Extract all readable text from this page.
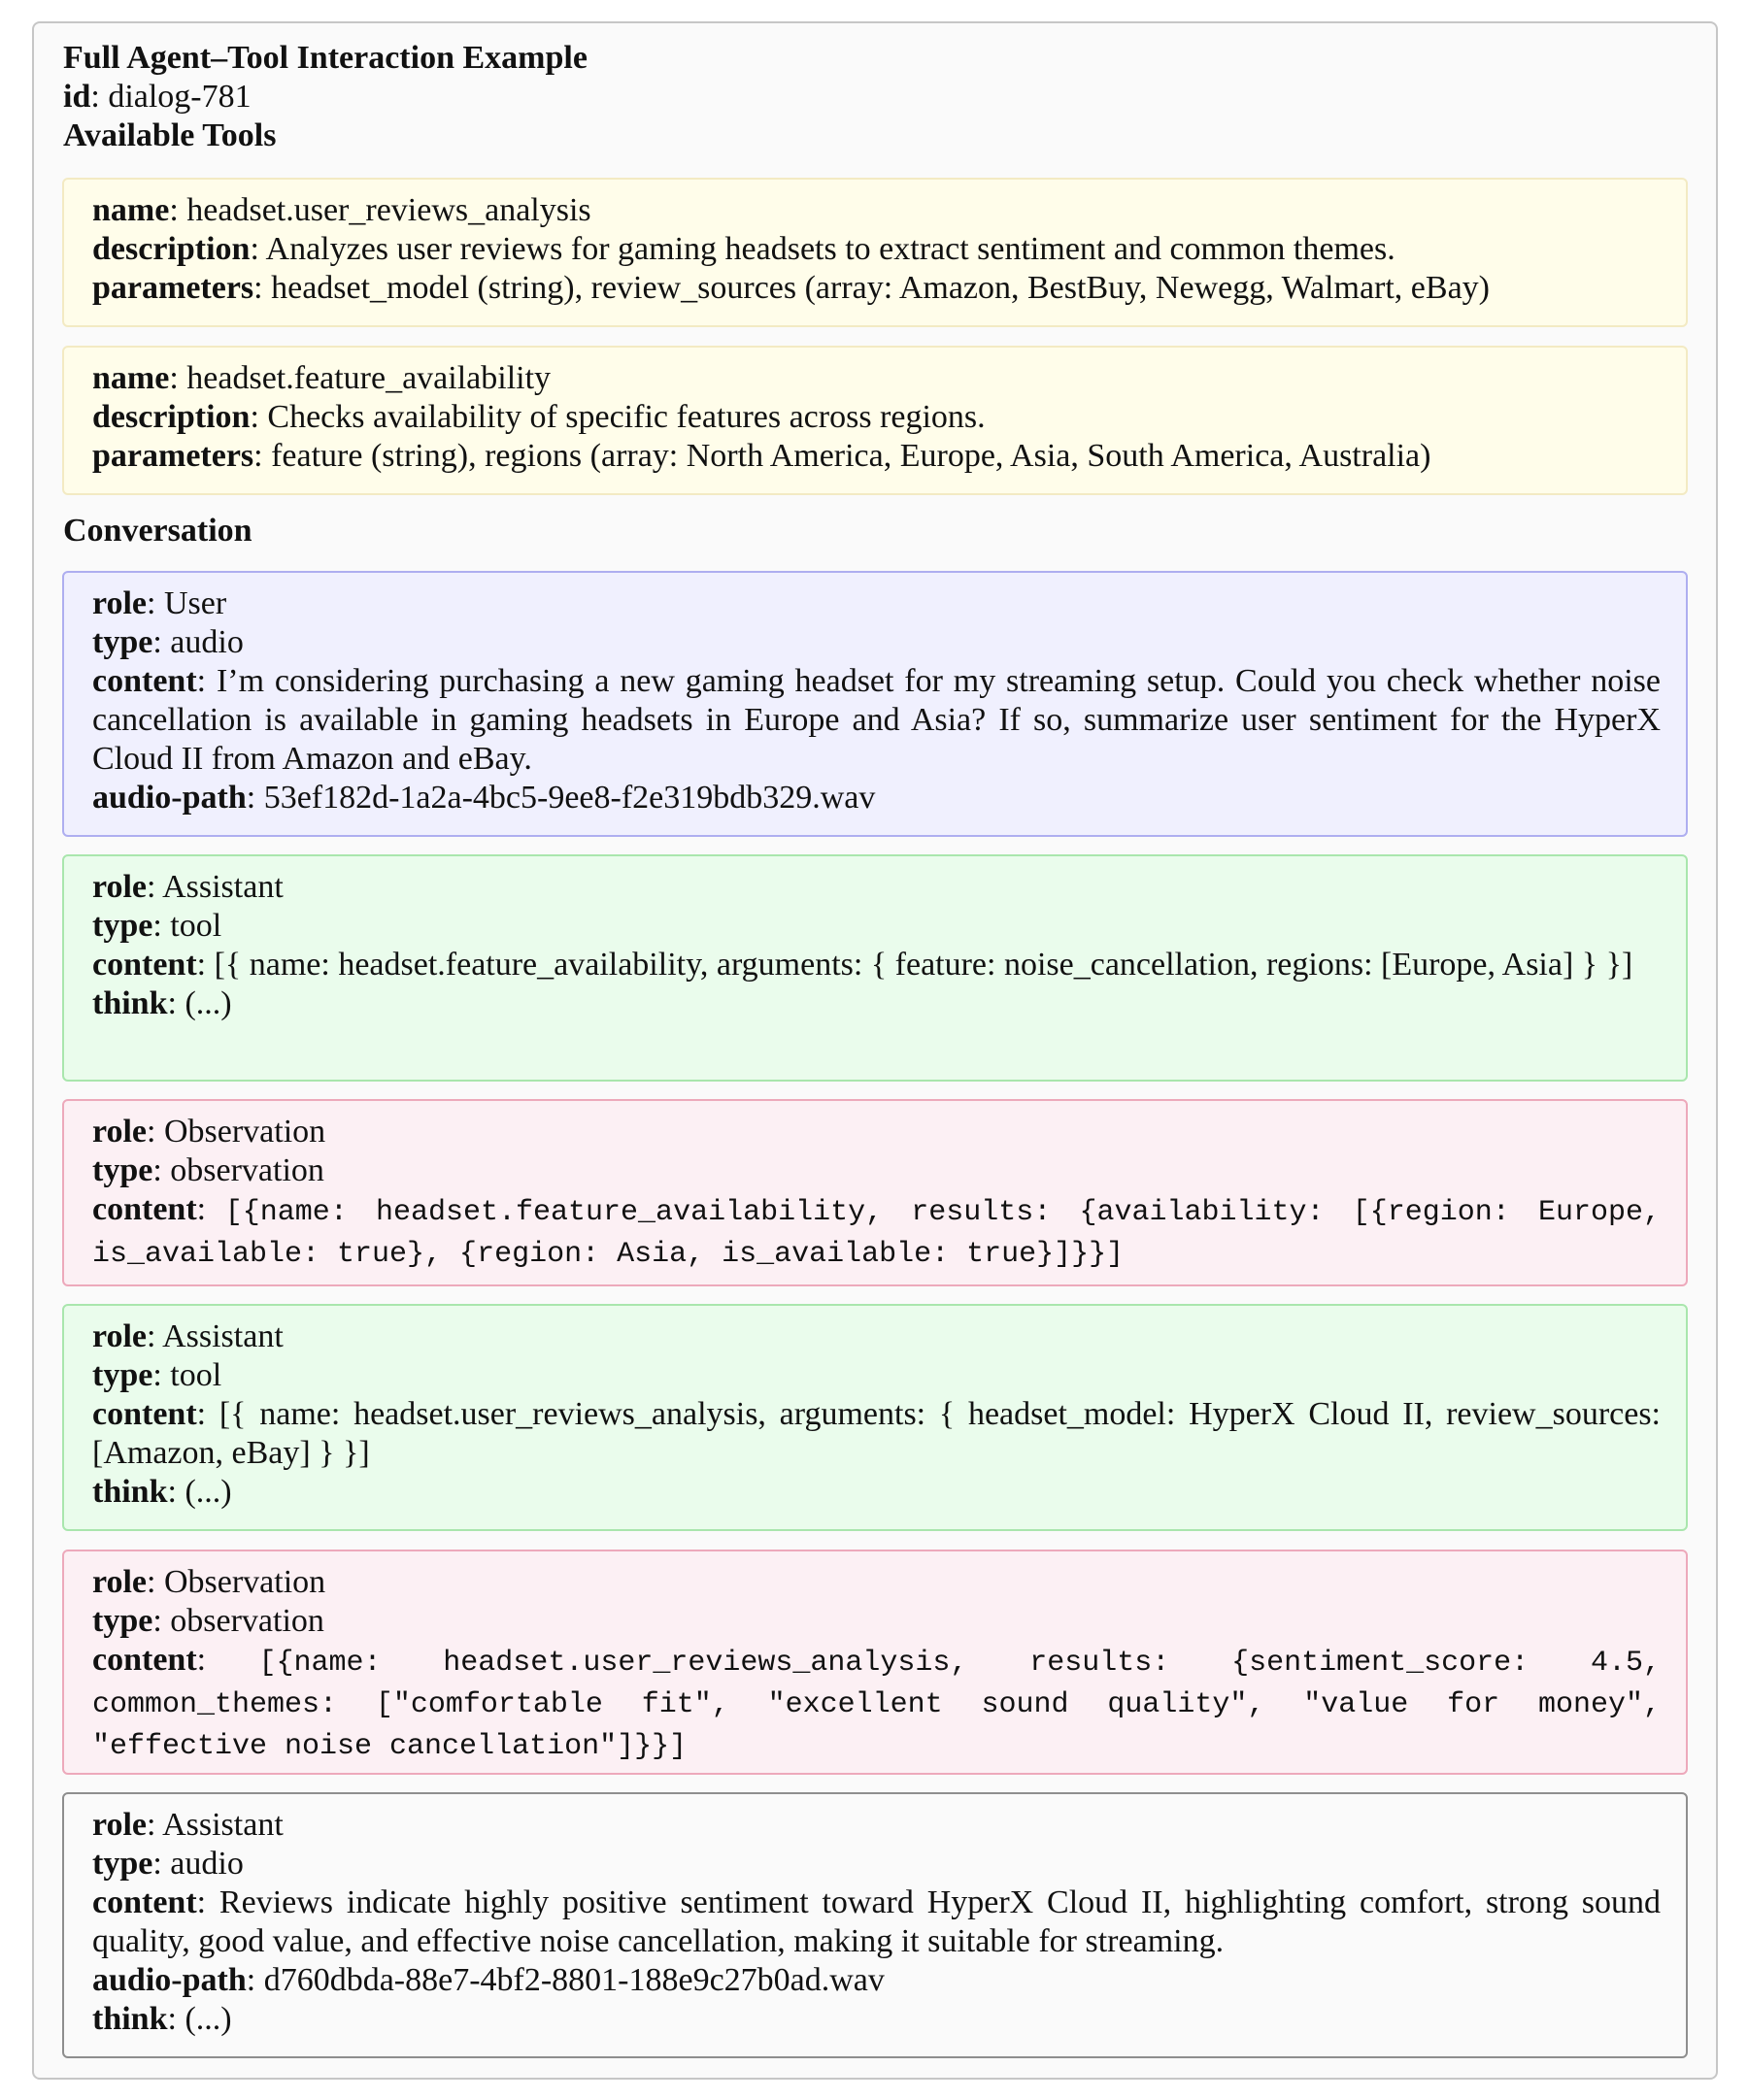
Full Agent–Tool Interaction Example
id: dialog-781
Available Tools
name: headset.user_reviews_analysis
description: Analyzes user reviews for gaming headsets to extract sentiment and common themes.
parameters: headset_model (string), review_sources (array: Amazon, BestBuy, Newegg, Walmart, eBay)
name: headset.feature_availability
description: Checks availability of specific features across regions.
parameters: feature (string), regions (array: North America, Europe, Asia, South America, Australia)
Conversation
role: User
type: audio
content: I’m considering purchasing a new gaming headset for my streaming setup. Could you check whether noise cancellation is available in gaming headsets in Europe and Asia? If so, summarize user sentiment for the HyperX Cloud II from Amazon and eBay.
audio-path: 53ef182d-1a2a-4bc5-9ee8-f2e319bdb329.wav
role: Assistant
type: tool
content: [{ name: headset.feature_availability, arguments: { feature: noise_cancellation, regions: [Europe, Asia] } }]
think: (...)
role: Observation
type: observation
content: [{name: headset.feature_availability, results: {availability: [{region: Europe, is_available: true}, {region: Asia, is_available: true}]}}]
role: Assistant
type: tool
content: [{ name: headset.user_reviews_analysis, arguments: { headset_model: HyperX Cloud II, review_sources: [Amazon, eBay] } }]
think: (...)
role: Observation
type: observation
content: [{name: headset.user_reviews_analysis, results: {sentiment_score: 4.5, common_themes: ["comfortable fit", "excellent sound quality", "value for money", "effective noise cancellation"]}}]
role: Assistant
type: audio
content: Reviews indicate highly positive sentiment toward HyperX Cloud II, highlighting comfort, strong sound quality, good value, and effective noise cancellation, making it suitable for streaming.
audio-path: d760dbda-88e7-4bf2-8801-188e9c27b0ad.wav
think: (...)
